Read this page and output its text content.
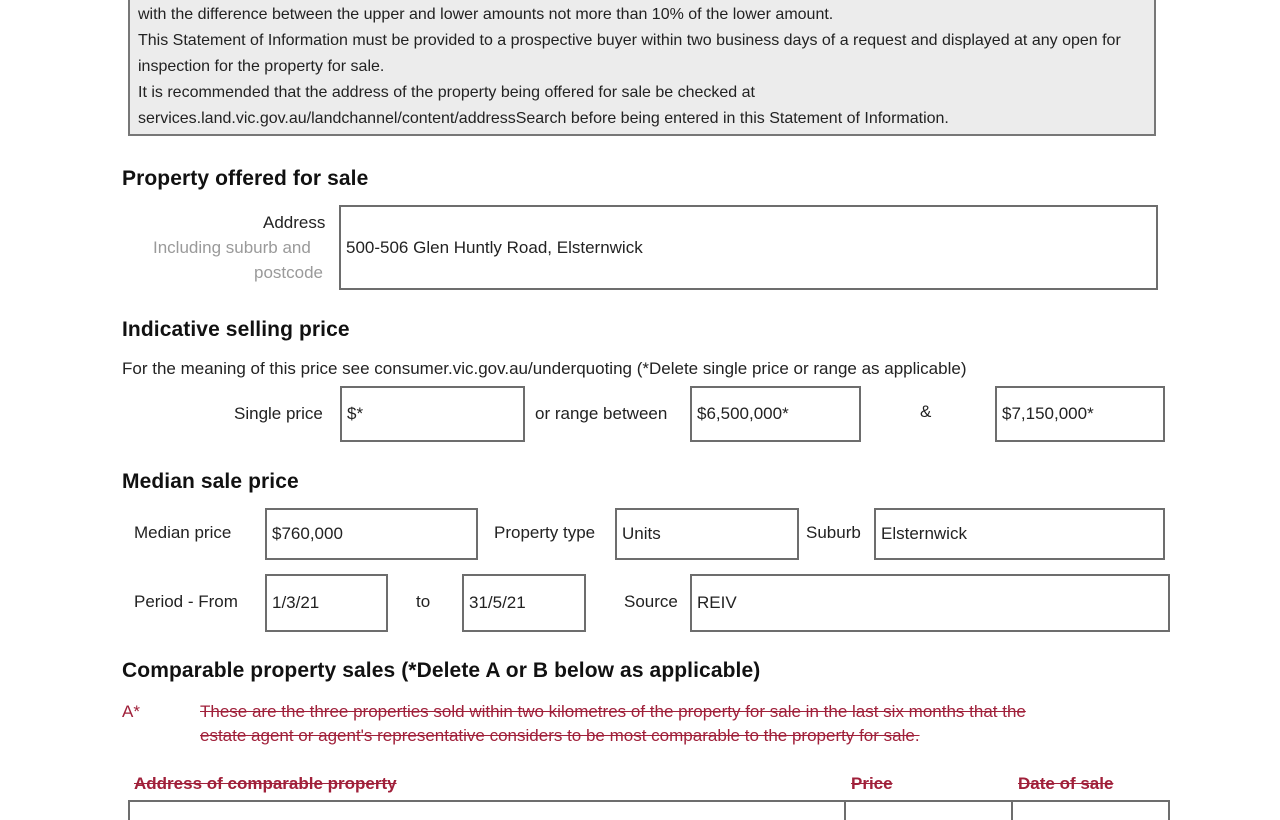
with the difference between the upper and lower amounts not more than 10% of the lower amount.

This Statement of Information must be provided to a prospective buyer within two business days of a request and displayed at any open for inspection for the property for sale.

It is recommended that the address of the property being offered for sale be checked at services.land.vic.gov.au/landchannel/content/addressSearch before being entered in this Statement of Information.

Property offered for sale
Address
Including suburb and
postcode
500-506 Glen Huntly Road, Elsternwick
Indicative selling price
For the meaning of this price see consumer.vic.gov.au/underquoting (*Delete single price or range as applicable)
Single price $*	or range between $6,500,000*	&	$7,150,000*
Median sale price
Median price $760,000	Property type Units	Suburb Elsternwick
Period - From 1/3/21	to 31/5/21	Source REIV
Comparable property sales (*Delete A or B below as applicable)
A*	These are the three properties sold within two kilometres of the property for sale in the last six months that the
estate agent or agent's representative considers to be most comparable to the property for sale.
Address of comparable property	Price	Date of sale
